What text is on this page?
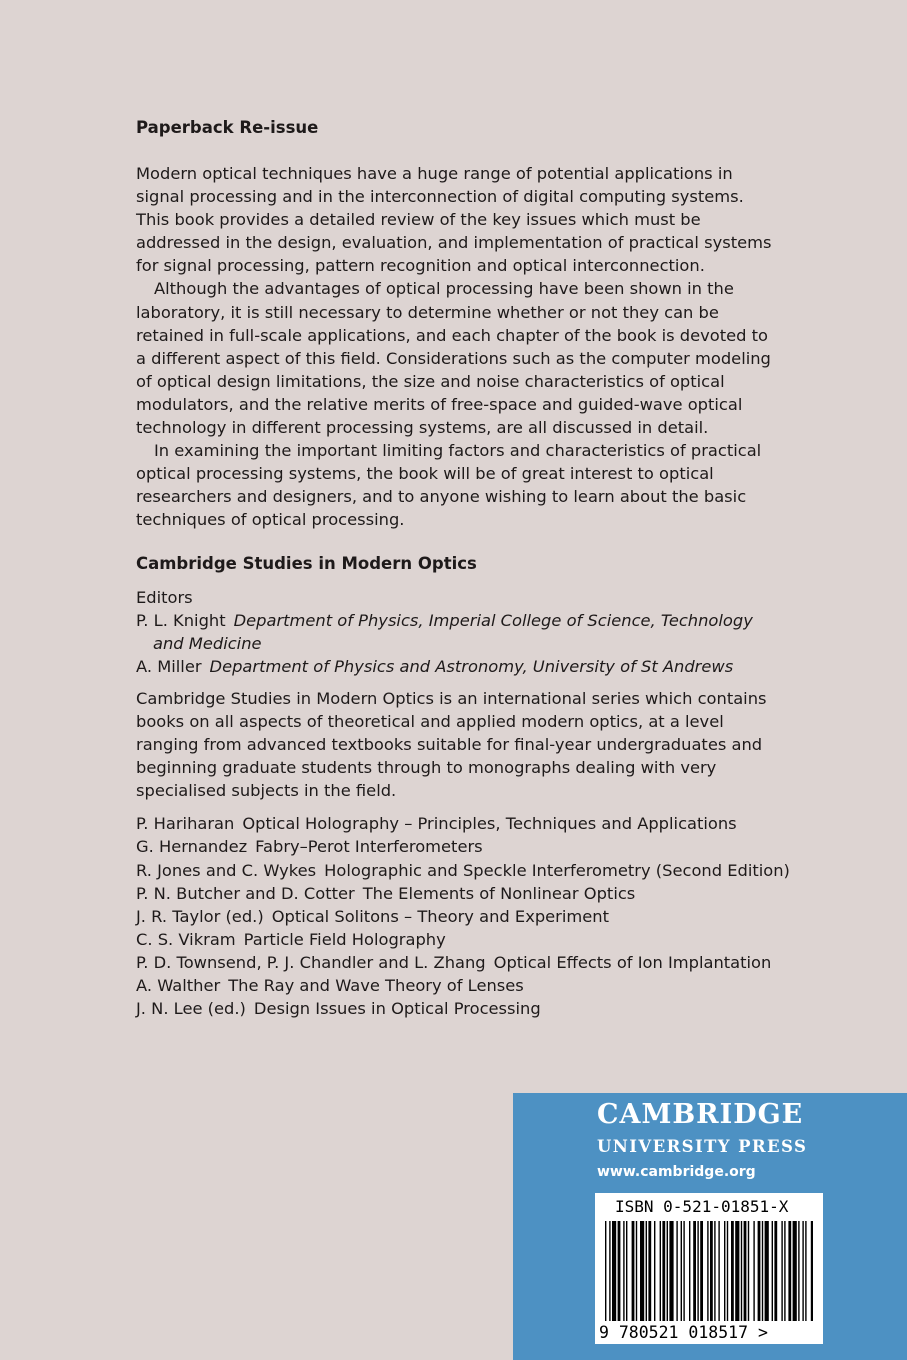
Paperback Re-issue

Modern optical techniques have a huge range of potential applications in signal processing and in the interconnection of digital computing systems. This book provides a detailed review of the key issues which must be addressed in the design, evaluation, and implementation of practical systems for signal processing, pattern recognition and optical interconnection.

Although the advantages of optical processing have been shown in the laboratory, it is still necessary to determine whether or not they can be retained in full-scale applications, and each chapter of the book is devoted to a different aspect of this field. Considerations such as the computer modeling of optical design limitations, the size and noise characteristics of optical modulators, and the relative merits of free-space and guided-wave optical technology in different processing systems, are all discussed in detail.

In examining the important limiting factors and characteristics of practical optical processing systems, the book will be of great interest to optical researchers and designers, and to anyone wishing to learn about the basic techniques of optical processing.

Cambridge Studies in Modern Optics

Editors
P. L. Knight Department of Physics, Imperial College of Science, Technology and Medicine
A. Miller Department of Physics and Astronomy, University of St Andrews

Cambridge Studies in Modern Optics is an international series which contains books on all aspects of theoretical and applied modern optics, at a level ranging from advanced textbooks suitable for final-year undergraduates and beginning graduate students through to monographs dealing with very specialised subjects in the field.

P. Hariharan Optical Holography – Principles, Techniques and Applications
G. Hernandez Fabry–Perot Interferometers
R. Jones and C. Wykes Holographic and Speckle Interferometry (Second Edition)
P. N. Butcher and D. Cotter The Elements of Nonlinear Optics
J. R. Taylor (ed.) Optical Solitons – Theory and Experiment
C. S. Vikram Particle Field Holography
P. D. Townsend, P. J. Chandler and L. Zhang Optical Effects of Ion Implantation
A. Walther The Ray and Wave Theory of Lenses
J. N. Lee (ed.) Design Issues in Optical Processing
CAMBRIDGE
UNIVERSITY PRESS
www.cambridge.org
ISBN 0-521-01851-X
9 780521 018517 >
